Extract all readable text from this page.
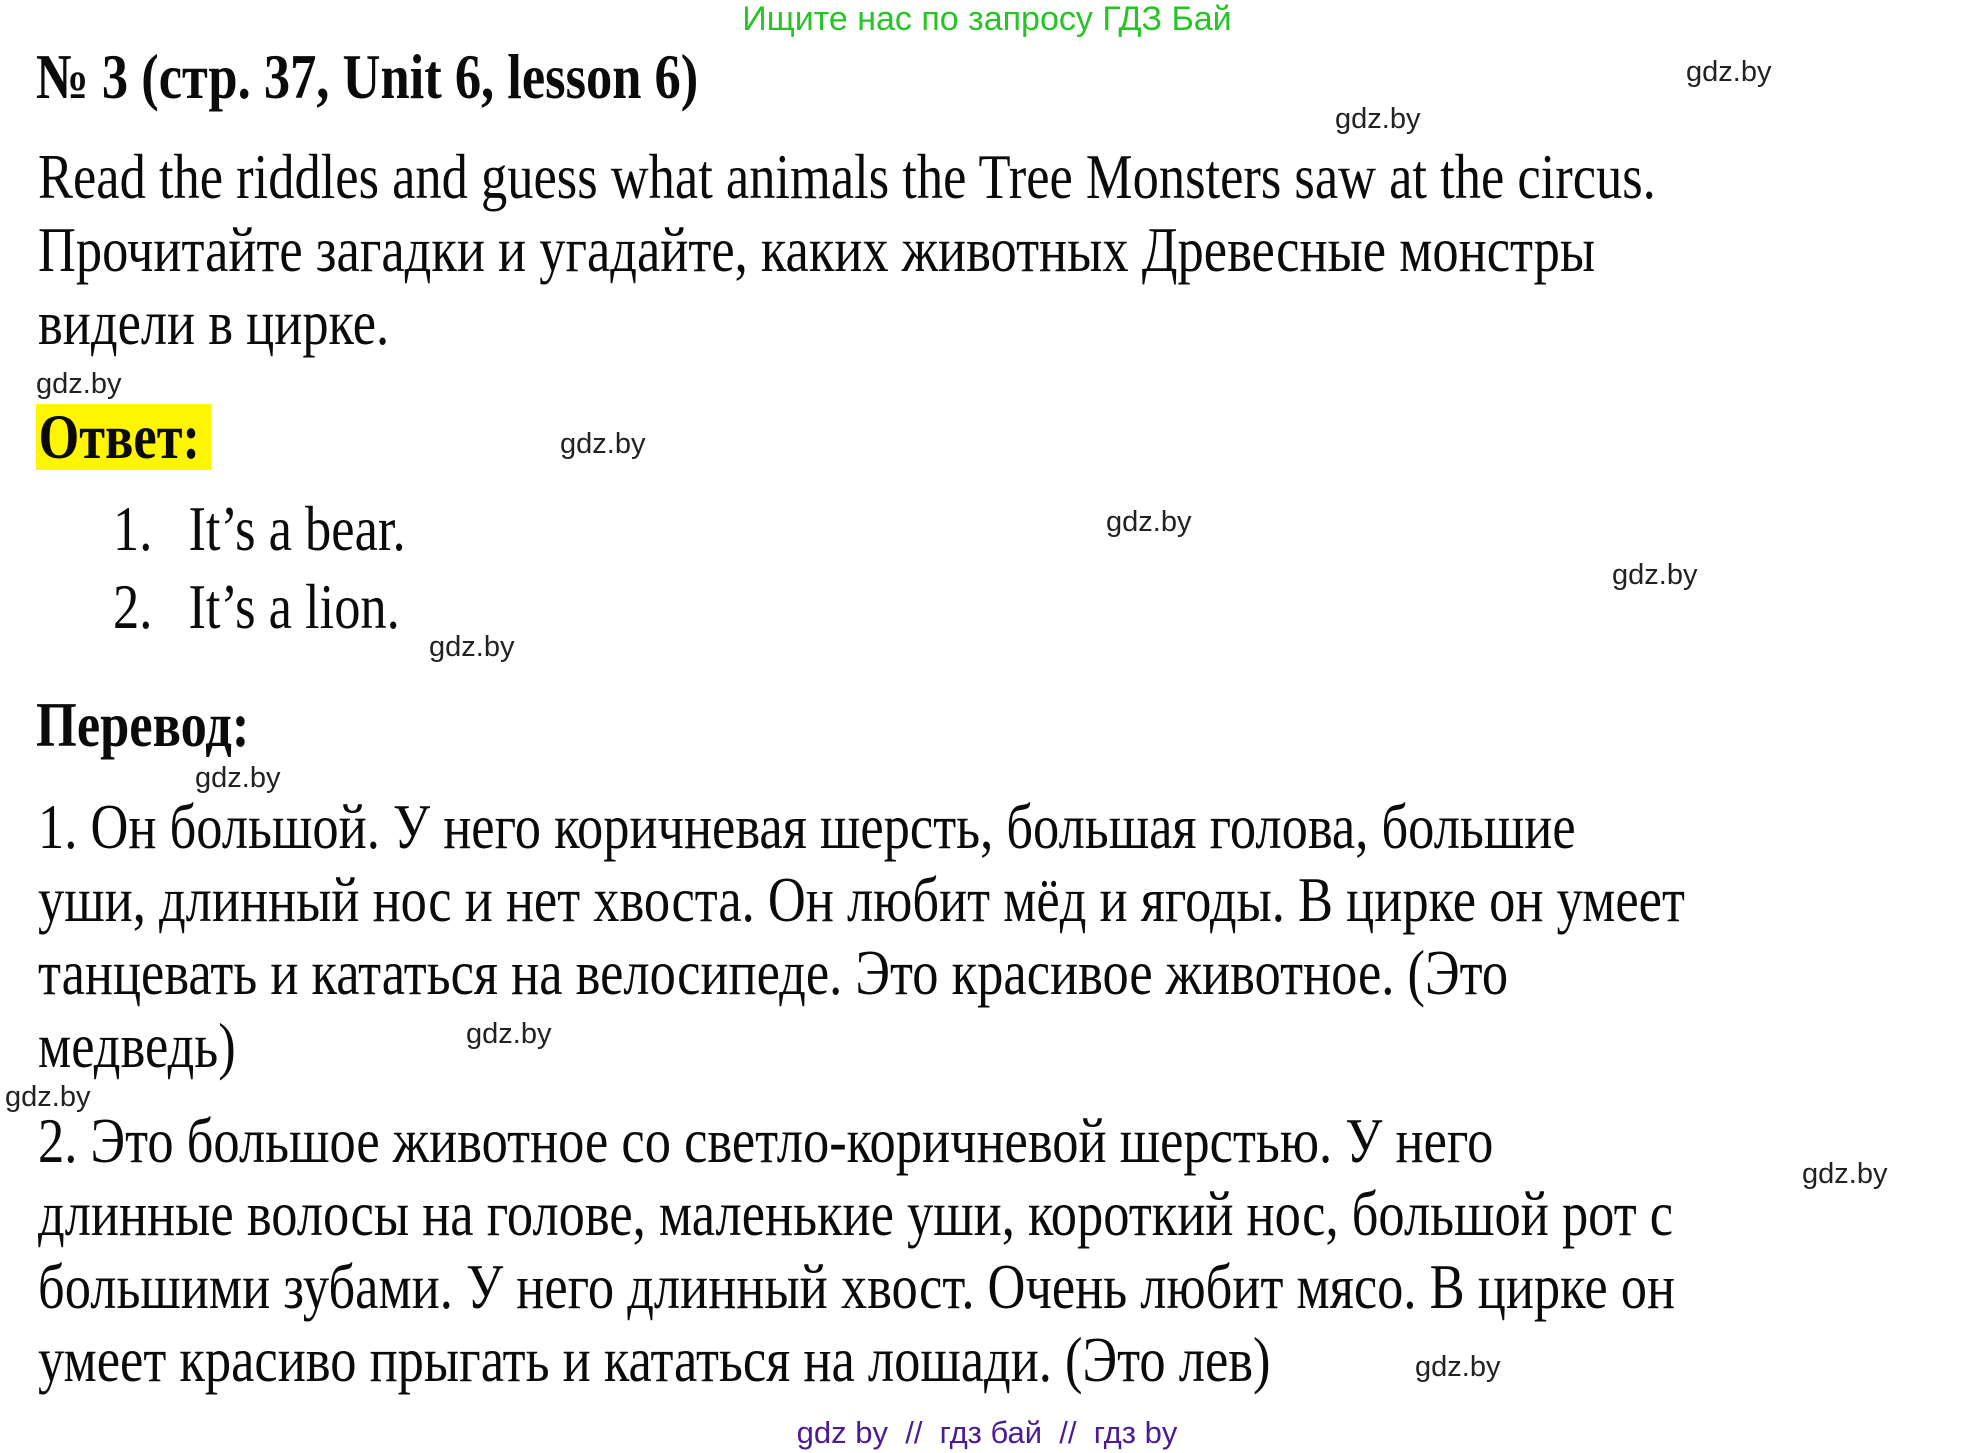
Ищите нас по запросу ГДЗ Бай
gdz.by
gdz.by
gdz.by
gdz.by
gdz.by
gdz.by
gdz.by
gdz.by
gdz.by
gdz.by
gdz.by
gdz.by
№ 3 (стр. 37, Unit 6, lesson 6)
Read the riddles and guess what animals the Tree Monsters saw at the circus.
Прочитайте загадки и угадайте, каких животных Древесные монстры
видели в цирке.
Ответ:
1. It’s a bear.
2. It’s a lion.
Перевод:
1. Он большой. У него коричневая шерсть, большая голова, большие
уши, длинный нос и нет хвоста. Он любит мёд и ягоды. В цирке он умеет
танцевать и кататься на велосипеде. Это красивое животное. (Это
медведь)
2. Это большое животное со светло-коричневой шерстью. У него
длинные волосы на голове, маленькие уши, короткий нос, большой рот с
большими зубами. У него длинный хвост. Очень любит мясо. В цирке он
умеет красиво прыгать и кататься на лошади. (Это лев)
gdz by  //  гдз бай  //  гдз by
